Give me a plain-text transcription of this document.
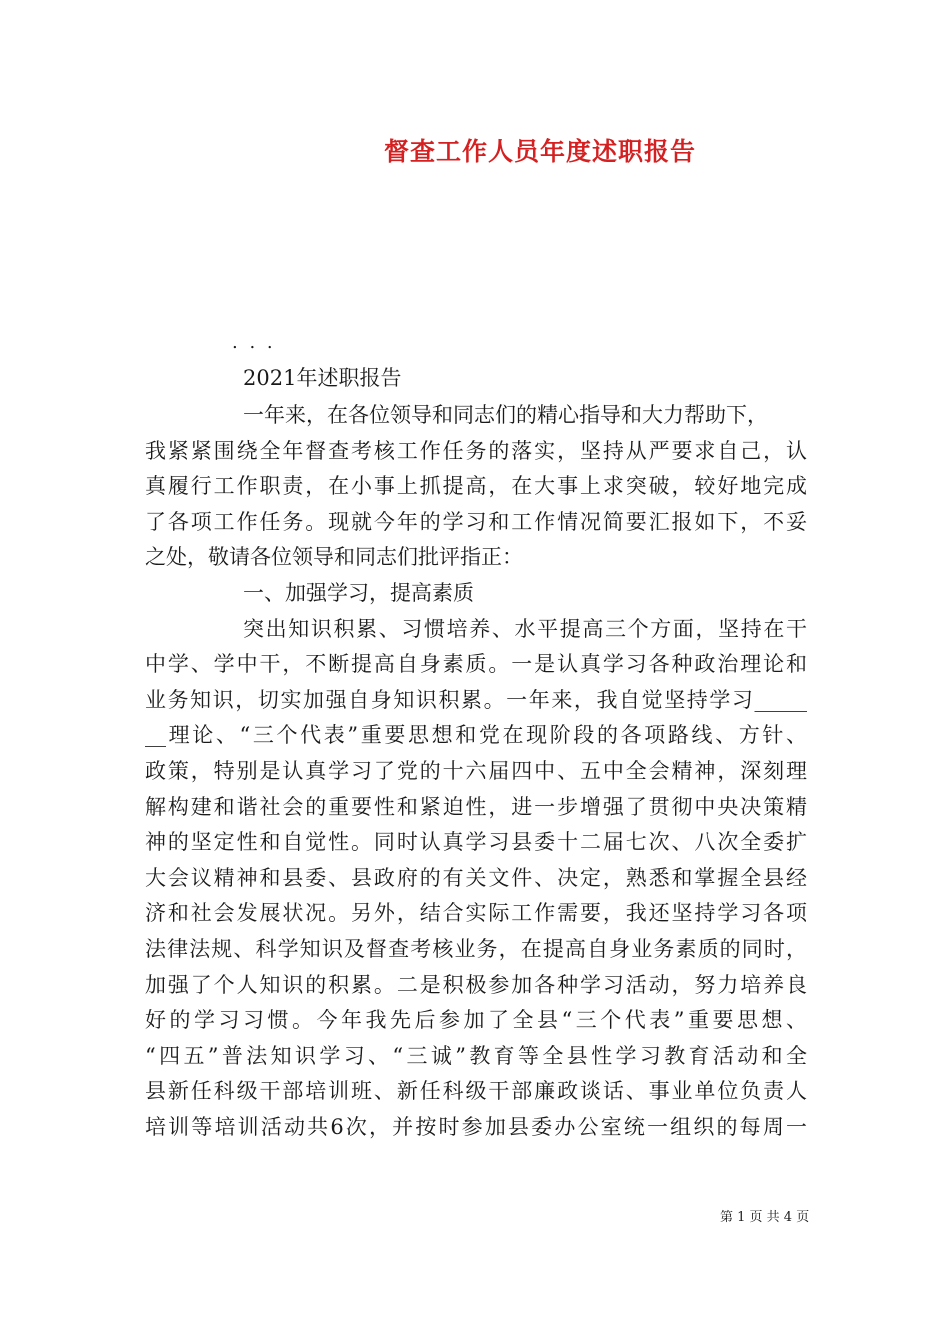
督查工作人员年度述职报告
. . .
2021年述职报告
一年来，在各位领导和同志们的精心指导和大力帮助下，
我紧紧围绕全年督查考核工作任务的落实，坚持从严要求自己，认
真履行工作职责，在小事上抓提高，在大事上求突破，较好地完成
了各项工作任务。现就今年的学习和工作情况简要汇报如下，不妥
之处，敬请各位领导和同志们批评指正：
一、加强学习，提高素质
突出知识积累、习惯培养、水平提高三个方面，坚持在干
中学、学中干，不断提高自身素质。一是认真学习各种政治理论和
业务知识，切实加强自身知识积累。一年来，我自觉坚持学习_____
__理论、“三个代表”重要思想和党在现阶段的各项路线、方针、
政策，特别是认真学习了党的十六届四中、五中全会精神，深刻理
解构建和谐社会的重要性和紧迫性，进一步增强了贯彻中央决策精
神的坚定性和自觉性。同时认真学习县委十二届七次、八次全委扩
大会议精神和县委、县政府的有关文件、决定，熟悉和掌握全县经
济和社会发展状况。另外，结合实际工作需要，我还坚持学习各项
法律法规、科学知识及督查考核业务，在提高自身业务素质的同时，
加强了个人知识的积累。二是积极参加各种学习活动，努力培养良
好的学习习惯。今年我先后参加了全县“三个代表”重要思想、
“四五”普法知识学习、“三诚”教育等全县性学习教育活动和全
县新任科级干部培训班、新任科级干部廉政谈话、事业单位负责人
培训等培训活动共6次，并按时参加县委办公室统一组织的每周一
第 1 页 共 4 页
